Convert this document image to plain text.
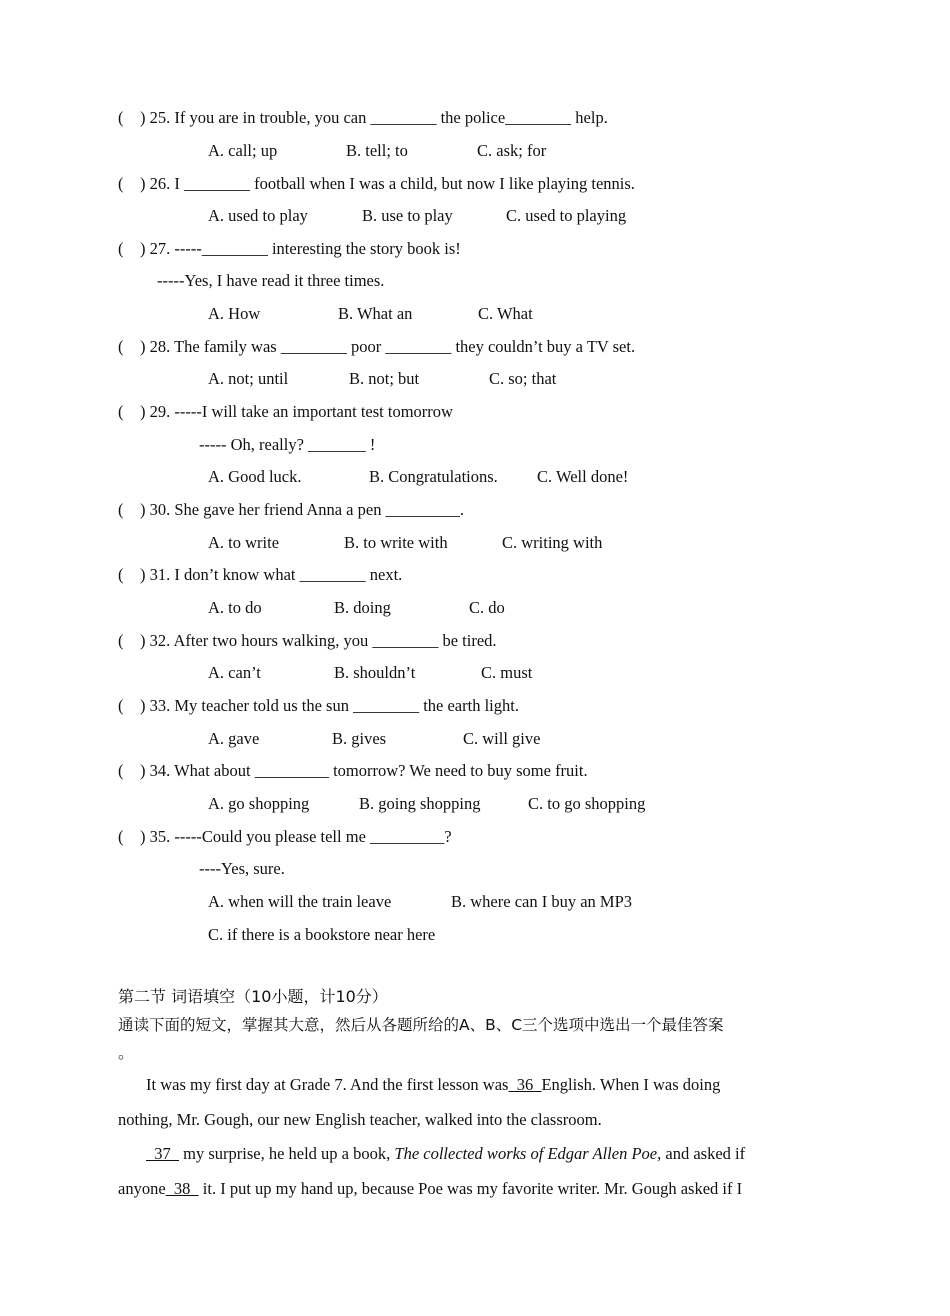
(    ) 25. If you are in trouble, you can ________ the police________ help.
A. call; up	B. tell; to	C. ask; for
(    ) 26. I ________ football when I was a child, but now I like playing tennis.
A. used to play	B. use to play	C. used to playing
(    ) 27. -----________ interesting the story book is!
-----Yes, I have read it three times.
A. How	B. What an	C. What
(    ) 28. The family was ________ poor ________ they couldn’t buy a TV set.
A. not; until	B. not; but	C. so; that
(    ) 29. -----I will take an important test tomorrow
----- Oh, really? _______ !
A. Good luck.	B. Congratulations. C. Well done!
(    ) 30. She gave her friend Anna a pen _________.
A. to write	B. to write with	C. writing with
(    ) 31. I don’t know what ________ next.
A. to do	B. doing	C. do
(    ) 32. After two hours walking, you ________ be tired.
A. can’t	B. shouldn’t	C. must
(    ) 33. My teacher told us the sun ________ the earth light.
A. gave	B. gives	C. will give
(    ) 34. What about _________ tomorrow? We need to buy some fruit.
A. go shopping	B. going shopping	C. to go shopping
(    ) 35. -----Could you please tell me _________?
----Yes, sure.
A. when will the train leave	B. where can I buy an MP3
C. if there is a bookstore near here
第二节 词语填空（10小题，计10分）
通读下面的短文，掌握其大意，然后从各题所给的A、B、C三个选项中选出一个最佳答案
。
It was my first day at Grade 7. And the first lesson was  36  English. When I was doing
nothing, Mr. Gough, our new English teacher, walked into the classroom.
37   my surprise, he held up a book, The collected works of Edgar Allen Poe, and asked if
anyone  38   it. I put up my hand up, because Poe was my favorite writer. Mr. Gough asked if I
